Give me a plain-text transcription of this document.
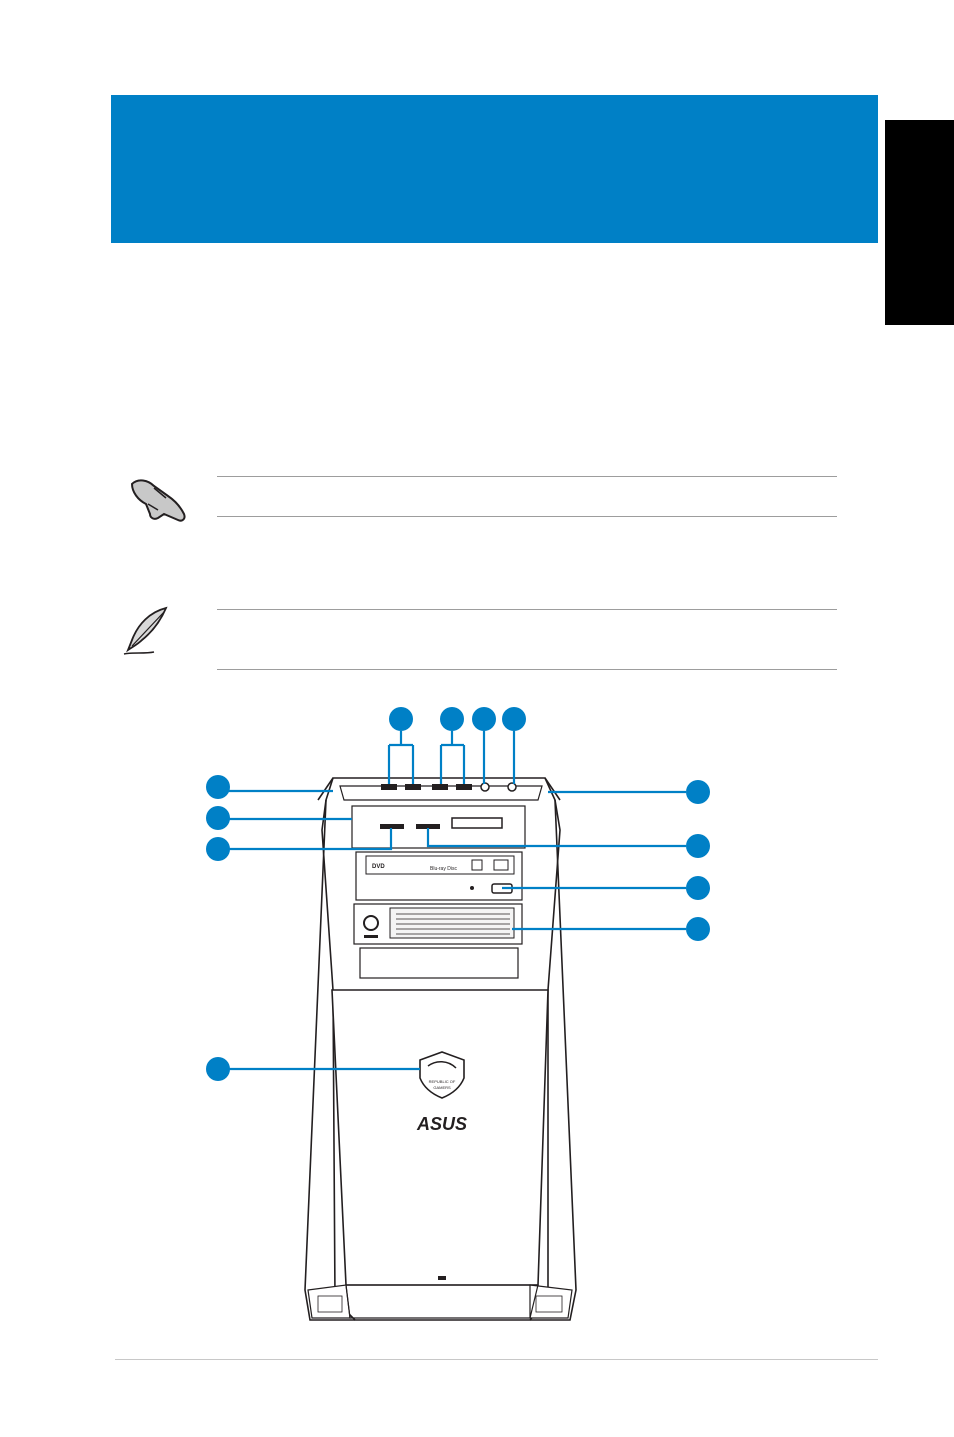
DVD	Blu-ray Disc
REPUBLIC OF
GAMERS
ASUS
